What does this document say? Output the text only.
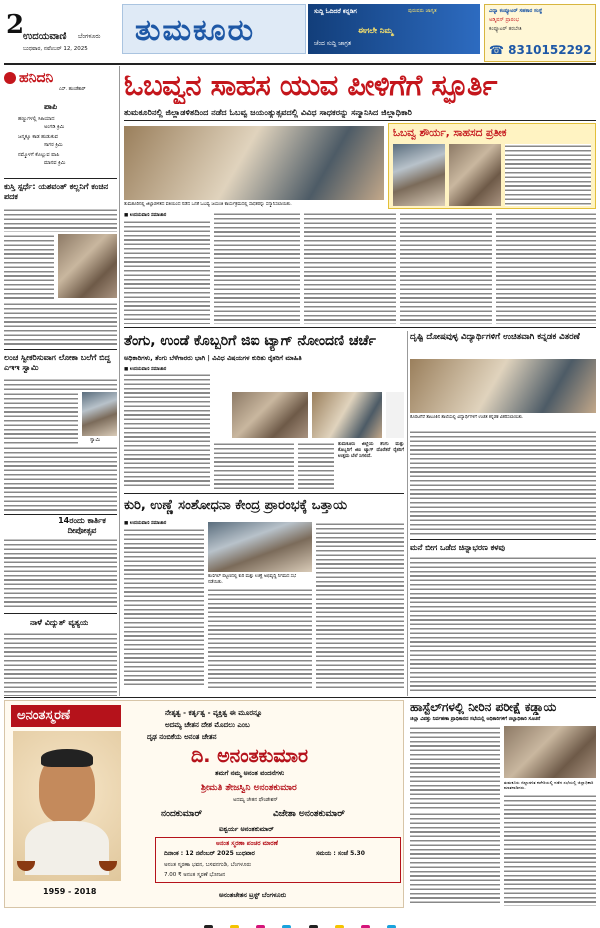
2
ಉದಯವಾಣಿ ಬೆಂಗಳೂರು
ಬುಧವಾರ, ನವೆಂಬರ್ 12, 2025
ತುಮಕೂರು
ಸುದ್ದಿ ಓದಿದರೆ ಕನ್ನಡಿಗ	ಪುರುಷರು ಜಾಗೃತ
ಈಗಲೇ ನಿಮ್ಮ
ಚೆಂದ ಸುದ್ದಿ ಜಾಗ್ರತ
ವಿದ್ಯಾ ಕಂಪ್ಯೂಟರ್ ಸಹಕಾರ ಸಂಸ್ಥೆ
ಅಡ್ಮಿಷನ್ ಪ್ರಾರಂಭ
ಕಂಪ್ಯೂಟರ್ ತರಬೇತಿ
☎ 8310152292
ಹನಿದನಿ
ಎಸ್. ಹುಂಡೆಕಾರ್
ಪಾಪಿ
ಹಣ್ಣುಗಳಲ್ಲಿ ಸಿಹಿಯಾದ
ಅಂಗಡಿ ಕ್ರಿಮಿ
ಜನ್ಮಕ್ಕೂ ಕಾಡ ಹುಡುಕುವ
ಸಾಗರ ಕ್ರಿಮಿ
ನಮ್ಮೊಳಗೆ ಕೊಲ್ಲುವ ಪಾಪಿ
ಮಾನವ ಕ್ರಿಮಿ
ಕುಸ್ತಿ ಸ್ಪರ್ಧೆ: ಯಶವಂತ್ ಕಲ್ಲನಿಗೆ ಕಂಚಿನ ಪದಕ
ಲಂಚ ಸ್ವೀಕರಿಸುವಾಗ ಲೋಕಾ ಬಲೆಗೆ ಬಿದ್ದ ಎಇಇ ಸ್ವಾಮಿ
ಸ್ವಾಮಿ
14ರಂದು ಕಾರ್ತಿಕ ದೀಪೋತ್ಸವ
ನಾಳೆ ವಿದ್ಯುತ್ ವ್ಯತ್ಯಯ
ಓಬವ್ವನ ಸಾಹಸ ಯುವ ಪೀಳಿಗೆಗೆ ಸ್ಫೂರ್ತಿ
ತುಮಕೂರಿನಲ್ಲಿ ಜಿಲ್ಲಾಡಳಿತದಿಂದ ನಡೆದ ಓಬವ್ವ ಜಯಂತ್ಯುತ್ಸವದಲ್ಲಿ ವಿವಿಧ ಸಾಧಕರನ್ನು ಸನ್ಮಾನಿಸಿದ ಜಿಲ್ಲಾಧಿಕಾರಿ
ತುಮಕೂರಿನಲ್ಲಿ ಜಿಲ್ಲಾಡಳಿತದ ವತಿಯಿಂದ ನಡೆದ ಒನಕೆ ಓಬವ್ವ ಜಯಂತಿ ಕಾರ್ಯಕ್ರಮದಲ್ಲಿ ಸಾಧಕರನ್ನು ಸನ್ಮಾನಿಸಲಾಯಿತು.
ಓಬವ್ವ ಶೌರ್ಯ, ಸಾಹಸದ ಪ್ರತೀಕ
■ ಉದಯವಾಣಿ ಸಮಾಚಾರ
ತೆಂಗು, ಉಂಡೆ ಕೊಬ್ಬರಿಗೆ ಜಿಐ ಟ್ಯಾಗ್ ನೋಂದಣಿ ಚರ್ಚೆ
ಅಧಿಕಾರಿಗಳು, ತೆಂಗು ಬೆಳೆಗಾರರು ಭಾಗಿ | ವಿವಿಧ ವಿಷಯಗಳ ಕುರಿತು ರೈತರಿಗೆ ಮಾಹಿತಿ
■ ಉದಯವಾಣಿ ಸಮಾಚಾರ
ತುಮಕೂರು ಜಿಲ್ಲೆಯ ತೆಂಗು ಮತ್ತು ಕೊಬ್ಬರಿಗೆ ಜಿಐ ಟ್ಯಾಗ್ ದೊರೆತರೆ ರೈತರಿಗೆ ಉತ್ತಮ ಬೆಲೆ ಸಿಗಲಿದೆ.
ಕುರಿ, ಉಣ್ಣೆ ಸಂಶೋಧನಾ ಕೇಂದ್ರ ಪ್ರಾರಂಭಕ್ಕೆ ಒತ್ತಾಯ
■ ಉದಯವಾಣಿ ಸಮಾಚಾರ
ಕುಣಿಗಲ್ ಪಟ್ಟಣದಲ್ಲಿ ಕುರಿ ಮತ್ತು ಉಣ್ಣೆ ಅಭಿವೃದ್ಧಿ ನಿಗಮದ ಸಭೆ ನಡೆಯಿತು.
ದೃಷ್ಟಿ ದೋಷವುಳ್ಳ ವಿದ್ಯಾರ್ಥಿಗಳಿಗೆ ಉಚಿತವಾಗಿ ಕನ್ನಡಕ ವಿತರಣೆ
ಕೊರಟಗೆರೆ ತಾಲೂಕಿನ ಶಾಲೆಯಲ್ಲಿ ವಿದ್ಯಾರ್ಥಿಗಳಿಗೆ ಉಚಿತ ಕನ್ನಡಕ ವಿತರಿಸಲಾಯಿತು.
ಮನೆ ಬೀಗ ಒಡೆದ ಚಿನ್ನಾಭರಣ ಕಳವು
ಹಾಸ್ಟೆಲ್‌ಗಳಲ್ಲಿ ನೀರಿನ ಪರೀಕ್ಷೆ ಕಡ್ಡಾಯ
ಜಿಲ್ಲಾ ವಿಪತ್ತು ನಿರ್ವಹಣಾ ಪ್ರಾಧಿಕಾರದ ಸಭೆಯಲ್ಲಿ ಅಧಿಕಾರಿಗಳಿಗೆ ಜಿಲ್ಲಾಧಿಕಾರಿ ಸೂಚನೆ
ತುಮಕೂರು ಜಿಲ್ಲಾಡಳಿತ ಕಚೇರಿಯಲ್ಲಿ ನಡೆದ ಸಭೆಯಲ್ಲಿ ಜಿಲ್ಲಾಧಿಕಾರಿ ಮಾತನಾಡಿದರು.
ಅನಂತಸ್ಮರಣೆ
1959 - 2018
ನೇತೃತ್ವ - ಕರ್ತೃತ್ವ - ವ್ಯಕ್ತಿತ್ವ ಈ ಮೂರನ್ನೂ
ಅದಮ್ಯ ಚೇತನ ದೇಶ ಮೊದಲು ಎಂಬ
ದೃಢ ನಂಬಿಕೆಯ ಅನಂತ ಚೇತನ
ದಿ. ಅನಂತಕುಮಾರ
ತಮಗೆ ನಮ್ಮ ಅನಂತ ವಂದನೆಗಳು
ಶ್ರೀಮತಿ ತೇಜಸ್ವಿನಿ ಅನಂತಕುಮಾರ
ಅದಮ್ಯ ಚೇತನ ಫೌಂಡೇಶನ್
ನಂದಕುಮಾರ್	ವಿಜೇತಾ ಅನಂತಕುಮಾರ್
ಐಶ್ವರ್ಯ ಅನಂತಕುಮಾರ್
ಅನಂತ ಸ್ಮರಣಾ ಪಂಚರ ಮಾರಣೆ
ದಿನಾಂಕ : 12 ನವೆಂಬರ್ 2025 ಬುಧವಾರ	ಸಮಯ : ಸಂಜೆ 5.30
ಅನಂತ ಸ್ಮರಣಾ ಭವನ, ಬಸವನಗುಡಿ, ಬೆಂಗಳೂರು
7.00 ₹ ಅನಂತ ಸ್ಮರಣೆ ಭೋಜನ
ಅನಂತಚೇತನ ಟ್ರಸ್ಟ್ ಬೆಂಗಳೂರು
